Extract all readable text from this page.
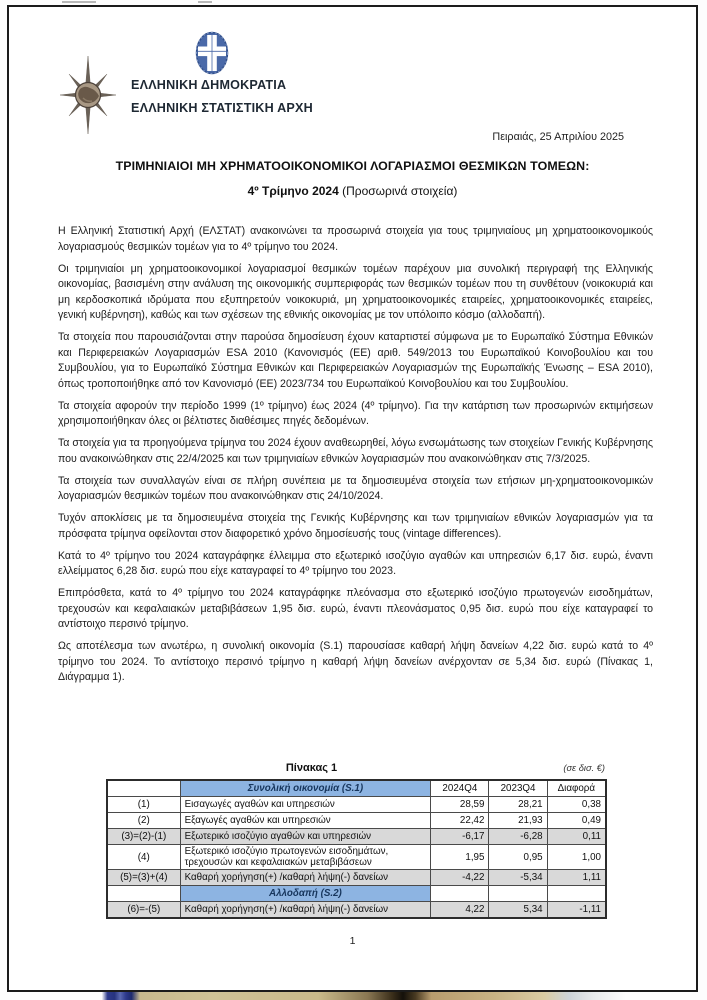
ΕΛΛΗΝΙΚΗ ΔΗΜΟΚΡΑΤΙΑ
ΕΛΛΗΝΙΚΗ ΣΤΑΤΙΣΤΙΚΗ ΑΡΧΗ
Πειραιάς, 25 Απριλίου 2025
ΤΡΙΜΗΝΙΑΙΟΙ ΜΗ ΧΡΗΜΑΤΟΟΙΚΟΝΟΜΙΚΟΙ ΛΟΓΑΡΙΑΣΜΟΙ ΘΕΣΜΙΚΩΝ ΤΟΜΕΩΝ:
4º Τρίμηνο 2024 (Προσωρινά στοιχεία)

Η Ελληνική Στατιστική Αρχή (ΕΛΣΤΑΤ) ανακοινώνει τα προσωρινά στοιχεία για τους τριμηνιαίους μη χρηματοοικονομικούς λογαριασμούς θεσμικών τομέων για το 4º τρίμηνο του 2024.

Οι τριμηνιαίοι μη χρηματοοικονομικοί λογαριασμοί θεσμικών τομέων παρέχουν μια συνολική περιγραφή της Ελληνικής οικονομίας, βασισμένη στην ανάλυση της οικονομικής συμπεριφοράς των θεσμικών τομέων που τη συνθέτουν (νοικοκυριά και μη κερδοσκοπικά ιδρύματα που εξυπηρετούν νοικοκυριά, μη χρηματοοικονομικές εταιρείες, χρηματοοικονομικές εταιρείες, γενική κυβέρνηση), καθώς και των σχέσεων της εθνικής οικονομίας με τον υπόλοιπο κόσμο (αλλοδαπή).

Τα στοιχεία που παρουσιάζονται στην παρούσα δημοσίευση έχουν καταρτιστεί σύμφωνα με το Ευρωπαϊκό Σύστημα Εθνικών και Περιφερειακών Λογαριασμών ESA 2010 (Κανονισμός (ΕΕ) αριθ. 549/2013 του Ευρωπαϊκού Κοινοβουλίου και του Συμβουλίου, για το Ευρωπαϊκό Σύστημα Εθνικών και Περιφερειακών Λογαριασμών της Ευρωπαϊκής Ένωσης – ESA 2010), όπως τροποποιήθηκε από τον Κανονισμό (ΕΕ) 2023/734 του Ευρωπαϊκού Κοινοβουλίου και του Συμβουλίου.

Τα στοιχεία αφορούν την περίοδο 1999 (1º τρίμηνο) έως 2024 (4º τρίμηνο). Για την κατάρτιση των προσωρινών εκτιμήσεων χρησιμοποιήθηκαν όλες οι βέλτιστες διαθέσιμες πηγές δεδομένων.

Τα στοιχεία για τα προηγούμενα τρίμηνα του 2024 έχουν αναθεωρηθεί, λόγω ενσωμάτωσης των στοιχείων Γενικής Κυβέρνησης που ανακοινώθηκαν στις 22/4/2025 και των τριμηνιαίων εθνικών λογαριασμών που ανακοινώθηκαν στις 7/3/2025.

Τα στοιχεία των συναλλαγών είναι σε πλήρη συνέπεια με τα δημοσιευμένα στοιχεία των ετήσιων μη-χρηματοοικονομικών λογαριασμών θεσμικών τομέων που ανακοινώθηκαν στις 24/10/2024.

Τυχόν αποκλίσεις με τα δημοσιευμένα στοιχεία της Γενικής Κυβέρνησης και των τριμηνιαίων εθνικών λογαριασμών για τα πρόσφατα τρίμηνα οφείλονται στον διαφορετικό χρόνο δημοσίευσής τους (vintage differences).

Κατά το 4º τρίμηνο του 2024 καταγράφηκε έλλειμμα στο εξωτερικό ισοζύγιο αγαθών και υπηρεσιών 6,17 δισ. ευρώ, έναντι ελλείμματος 6,28 δισ. ευρώ που είχε καταγραφεί το 4º τρίμηνο του 2023.

Επιπρόσθετα, κατά το 4º τρίμηνο του 2024 καταγράφηκε πλεόνασμα στο εξωτερικό ισοζύγιο πρωτογενών εισοδημάτων, τρεχουσών και κεφαλαιακών μεταβιβάσεων 1,95 δισ. ευρώ, έναντι πλεονάσματος 0,95 δισ. ευρώ που είχε καταγραφεί το αντίστοιχο περσινό τρίμηνο.

Ως αποτέλεσμα των ανωτέρω, η συνολική οικονομία (S.1) παρουσίασε καθαρή λήψη δανείων 4,22 δισ. ευρώ κατά το 4º τρίμηνο του 2024. Το αντίστοιχο περσινό τρίμηνο η καθαρή λήψη δανείων ανέρχονταν σε 5,34 δισ. ευρώ (Πίνακας 1, Διάγραμμα 1).

Πίνακας 1	(σε δισ. €)
	Συνολική οικονομία (S.1)	2024Q4	2023Q4	Διαφορά
(1)	Εισαγωγές αγαθών και υπηρεσιών	28,59	28,21	0,38
(2)	Εξαγωγές αγαθών και υπηρεσιών	22,42	21,93	0,49
(3)=(2)-(1)	Εξωτερικό ισοζύγιο αγαθών και υπηρεσιών	-6,17	-6,28	0,11
(4)	Εξωτερικό ισοζύγιο πρωτογενών εισοδημάτων, τρεχουσών και κεφαλαιακών μεταβιβάσεων	1,95	0,95	1,00
(5)=(3)+(4)	Καθαρή χορήγηση(+) /καθαρή λήψη(-) δανείων	-4,22	-5,34	1,11
	Αλλοδαπή (S.2)			
(6)=-(5)	Καθαρή χορήγηση(+) /καθαρή λήψη(-) δανείων	4,22	5,34	-1,11
1
